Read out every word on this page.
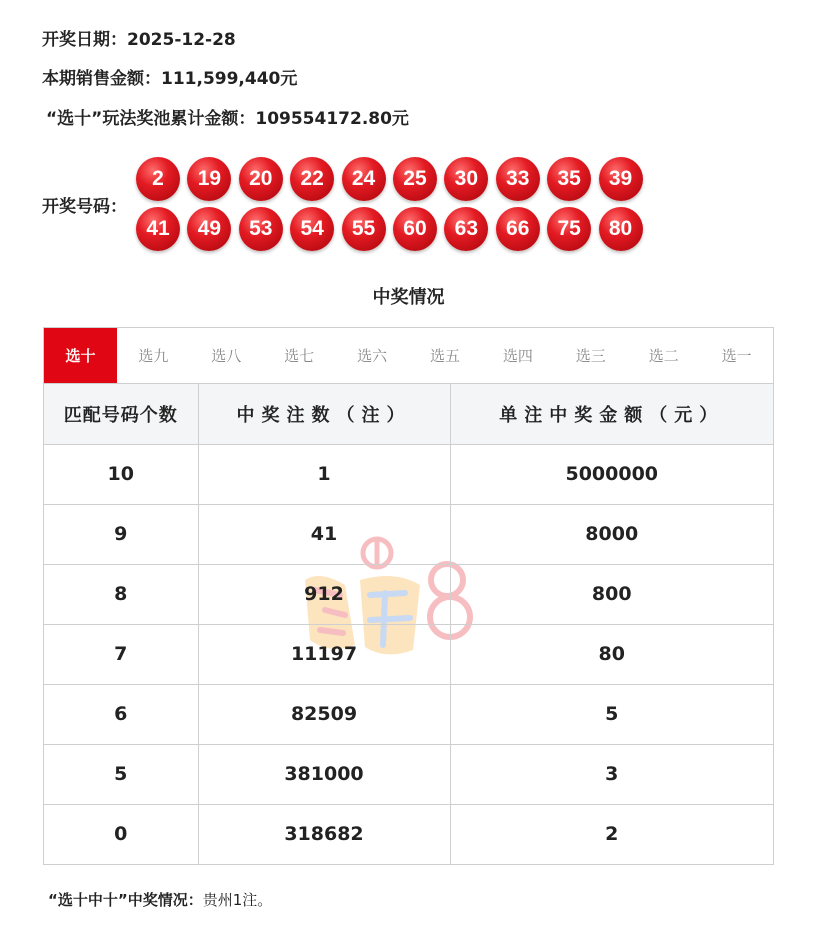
开奖日期：2025-12-28
本期销售金额：111,599,440元
“选十”玩法奖池累计金额：109554172.80元
开奖号码：
2	19	20	22	24	25	30	33	35	39
41	49	53	54	55	60	63	66	75	80
中奖情况
中 快乐8
选十	选九	选八	选七	选六	选五	选四	选三	选二	选一
匹配号码个数	中奖注数（注）	单注中奖金额（元）
10	1	5000000
9	41	8000
8	912	800
7	11197	80
6	82509	5
5	381000	3
0	318682	2
“选十中十”中奖情况：贵州1注。
